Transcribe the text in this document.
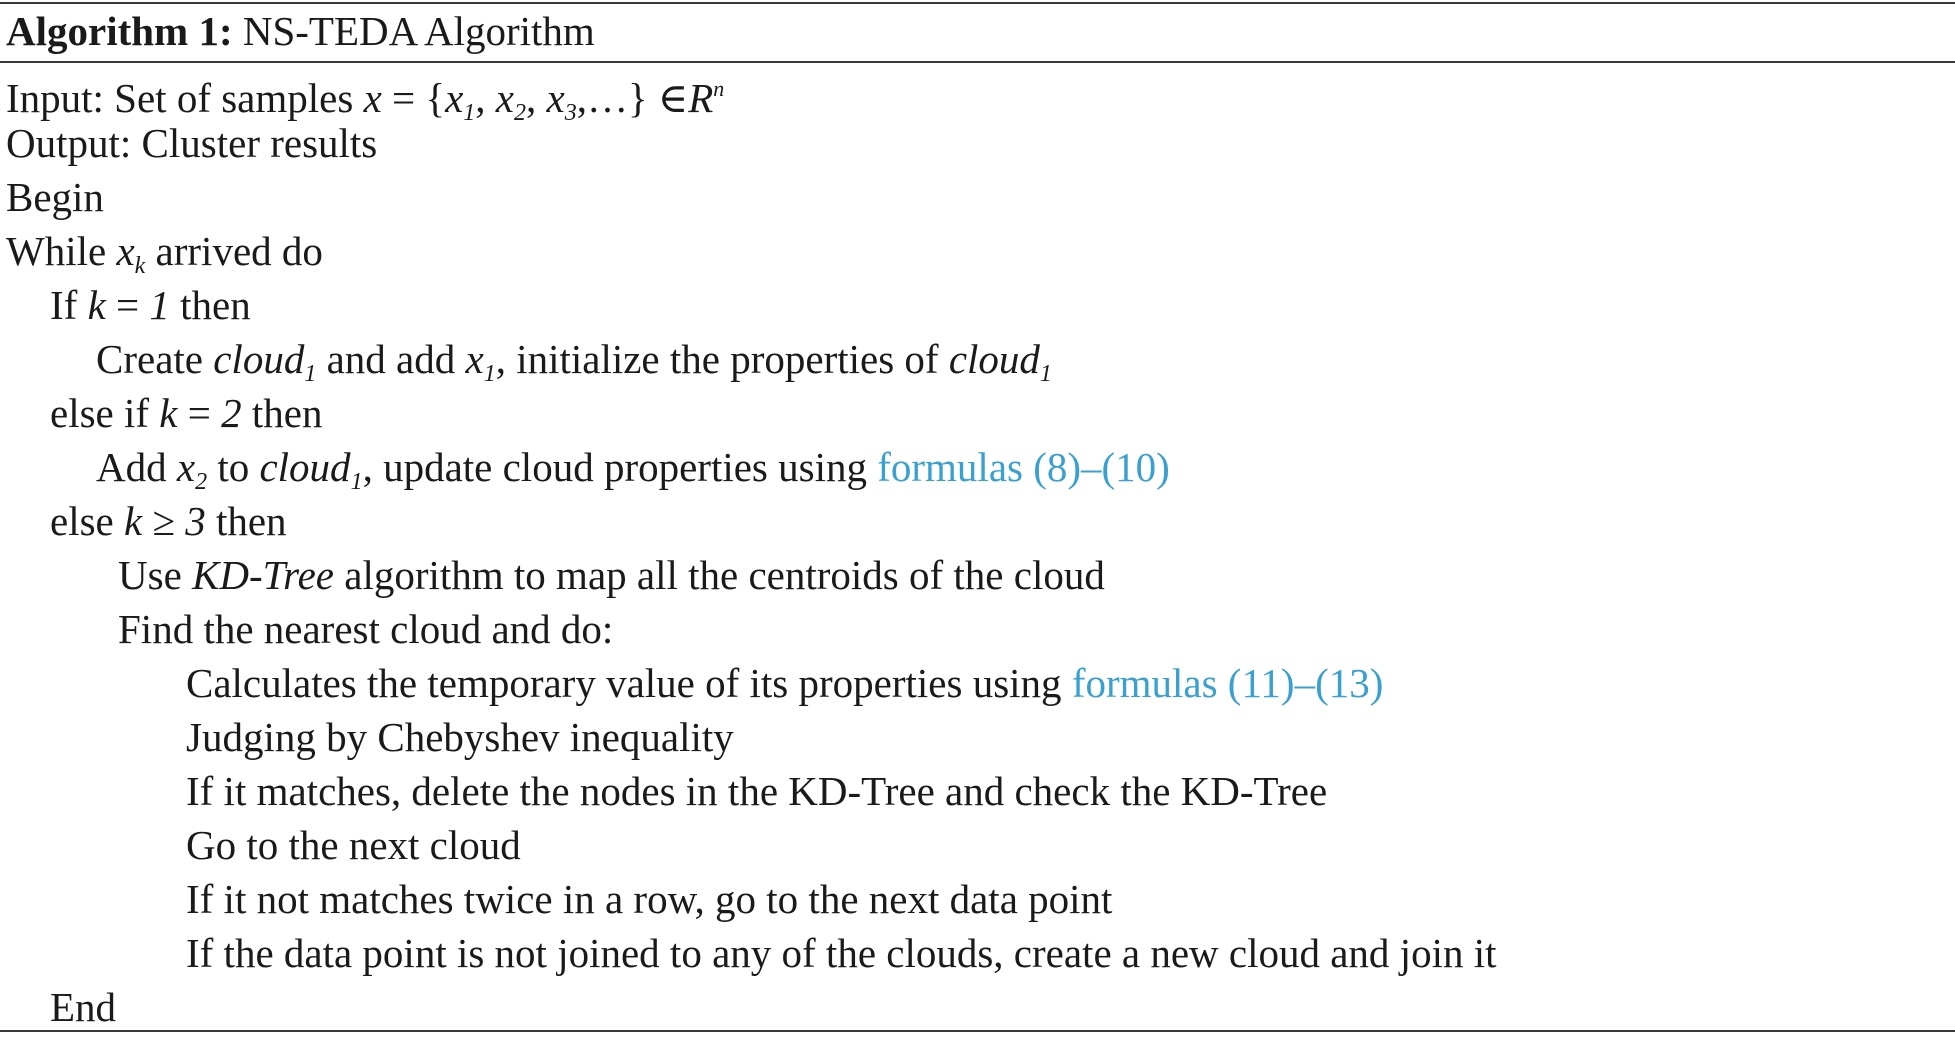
Algorithm 1: NS-TEDA Algorithm
Input: Set of samples $x = \{x_1$, $x_2$, $x_3,\dots$} $\in R^n$
Output: Cluster results
Begin
While $x_k$ arrived do
If k = 1 then
Create cloud$_1$ and add $x_1$, initialize the properties of cloud$_1$
else if k = 2 then
Add $x_2$ to cloud$_1$, update cloud properties using formulas (8)–(10)
else k ≥ 3 then
Use KD-Tree algorithm to map all the centroids of the cloud
Find the nearest cloud and do:
Calculates the temporary value of its properties using formulas (11)–(13)
Judging by Chebyshev inequality
If it matches, delete the nodes in the KD-Tree and check the KD-Tree
Go to the next cloud
If it not matches twice in a row, go to the next data point
If the data point is not joined to any of the clouds, create a new cloud and join it
End
